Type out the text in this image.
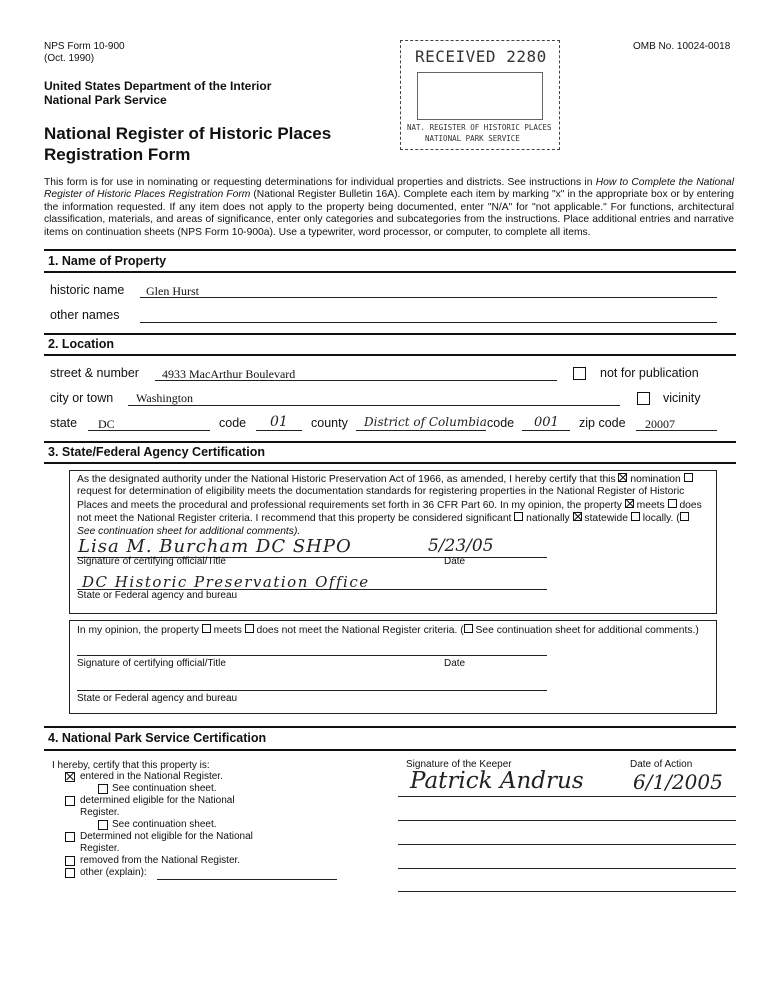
NPS Form 10-900
(Oct. 1990)
OMB No. 10024-0018
United States Department of the Interior
National Park Service
National Register of Historic Places
Registration Form
RECEIVED 2280
NAT. REGISTER OF HISTORIC PLACES
NATIONAL PARK SERVICE
This form is for use in nominating or requesting determinations for individual properties and districts. See instructions in How to Complete the National Register of Historic Places Registration Form (National Register Bulletin 16A). Complete each item by marking "x" in the appropriate box or by entering the information requested. If any item does not apply to the property being documented, enter "N/A" for "not applicable." For functions, architectural classification, materials, and areas of significance, enter only categories and subcategories from the instructions. Place additional entries and narrative items on continuation sheets (NPS Form 10-900a). Use a typewriter, word processor, or computer, to complete all items.
1. Name of Property
historic name Glen Hurst
other names
2. Location
street & number 4933 MacArthur Boulevard	not for publication
city or town Washington	vicinity
state DC	code 01 county District of Columbia code 001 zip code 20007
3. State/Federal Agency Certification
As the designated authority under the National Historic Preservation Act of 1966, as amended, I hereby certify that this nomination
request for determination of eligibility meets the documentation standards for registering properties in the National Register of Historic Places and meets the procedural and professional requirements set forth in 36 CFR Part 60. In my opinion, the property meets does not meet the National Register criteria. I recommend that this property be considered significant nationally statewide locally. (
See continuation sheet for additional comments).
Lisa M. Burcham DC SHPO	5/23/05
Signature of certifying official/Title	Date
DC Historic Preservation Office
State or Federal agency and bureau
In my opinion, the property meets does not meet the National Register criteria. ( See continuation sheet for additional comments.)
Signature of certifying official/Title	Date
State or Federal agency and bureau
4. National Park Service Certification
I hereby, certify that this property is:
entered in the National Register.
See continuation sheet.
determined eligible for the National
Register.
See continuation sheet.
Determined not eligible for the National
Register.
removed from the National Register.
other (explain):
Signature of the Keeper	Date of Action
Patrick Andrus 6/1/2005
